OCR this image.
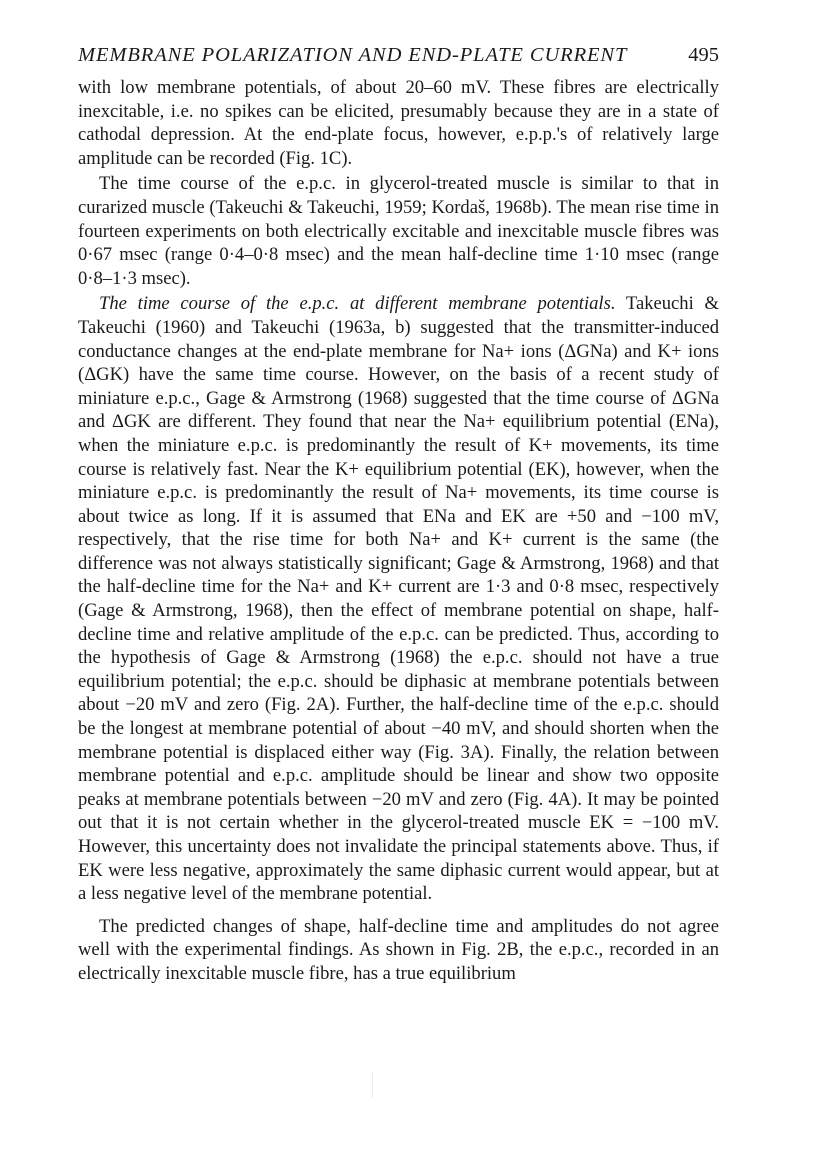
MEMBRANE POLARIZATION AND END-PLATE CURRENT	495

with low membrane potentials, of about 20–60 mV. These fibres are electrically inexcitable, i.e. no spikes can be elicited, presumably because they are in a state of cathodal depression. At the end-plate focus, however, e.p.p.'s of relatively large amplitude can be recorded (Fig. 1C).

The time course of the e.p.c. in glycerol-treated muscle is similar to that in curarized muscle (Takeuchi & Takeuchi, 1959; Kordaš, 1968b). The mean rise time in fourteen experiments on both electrically excitable and inexcitable muscle fibres was 0·67 msec (range 0·4–0·8 msec) and the mean half-decline time 1·10 msec (range 0·8–1·3 msec).

The time course of the e.p.c. at different membrane potentials. Takeuchi & Takeuchi (1960) and Takeuchi (1963a, b) suggested that the transmitter-induced conductance changes at the end-plate membrane for Na+ ions (ΔGNa) and K+ ions (ΔGK) have the same time course. However, on the basis of a recent study of miniature e.p.c., Gage & Armstrong (1968) suggested that the time course of ΔGNa and ΔGK are different. They found that near the Na+ equilibrium potential (ENa), when the miniature e.p.c. is predominantly the result of K+ movements, its time course is relatively fast. Near the K+ equilibrium potential (EK), however, when the miniature e.p.c. is predominantly the result of Na+ movements, its time course is about twice as long. If it is assumed that ENa and EK are +50 and −100 mV, respectively, that the rise time for both Na+ and K+ current is the same (the difference was not always statistically significant; Gage & Armstrong, 1968) and that the half-decline time for the Na+ and K+ current are 1·3 and 0·8 msec, respectively (Gage & Armstrong, 1968), then the effect of membrane potential on shape, half-decline time and relative amplitude of the e.p.c. can be predicted. Thus, according to the hypothesis of Gage & Armstrong (1968) the e.p.c. should not have a true equilibrium potential; the e.p.c. should be diphasic at membrane potentials between about −20 mV and zero (Fig. 2A). Further, the half-decline time of the e.p.c. should be the longest at membrane potential of about −40 mV, and should shorten when the membrane potential is displaced either way (Fig. 3A). Finally, the relation between membrane potential and e.p.c. amplitude should be linear and show two opposite peaks at membrane potentials between −20 mV and zero (Fig. 4A). It may be pointed out that it is not certain whether in the glycerol-treated muscle EK = −100 mV. However, this uncertainty does not invalidate the principal statements above. Thus, if EK were less negative, approximately the same diphasic current would appear, but at a less negative level of the membrane potential.

The predicted changes of shape, half-decline time and amplitudes do not agree well with the experimental findings. As shown in Fig. 2B, the e.p.c., recorded in an electrically inexcitable muscle fibre, has a true equilibrium
